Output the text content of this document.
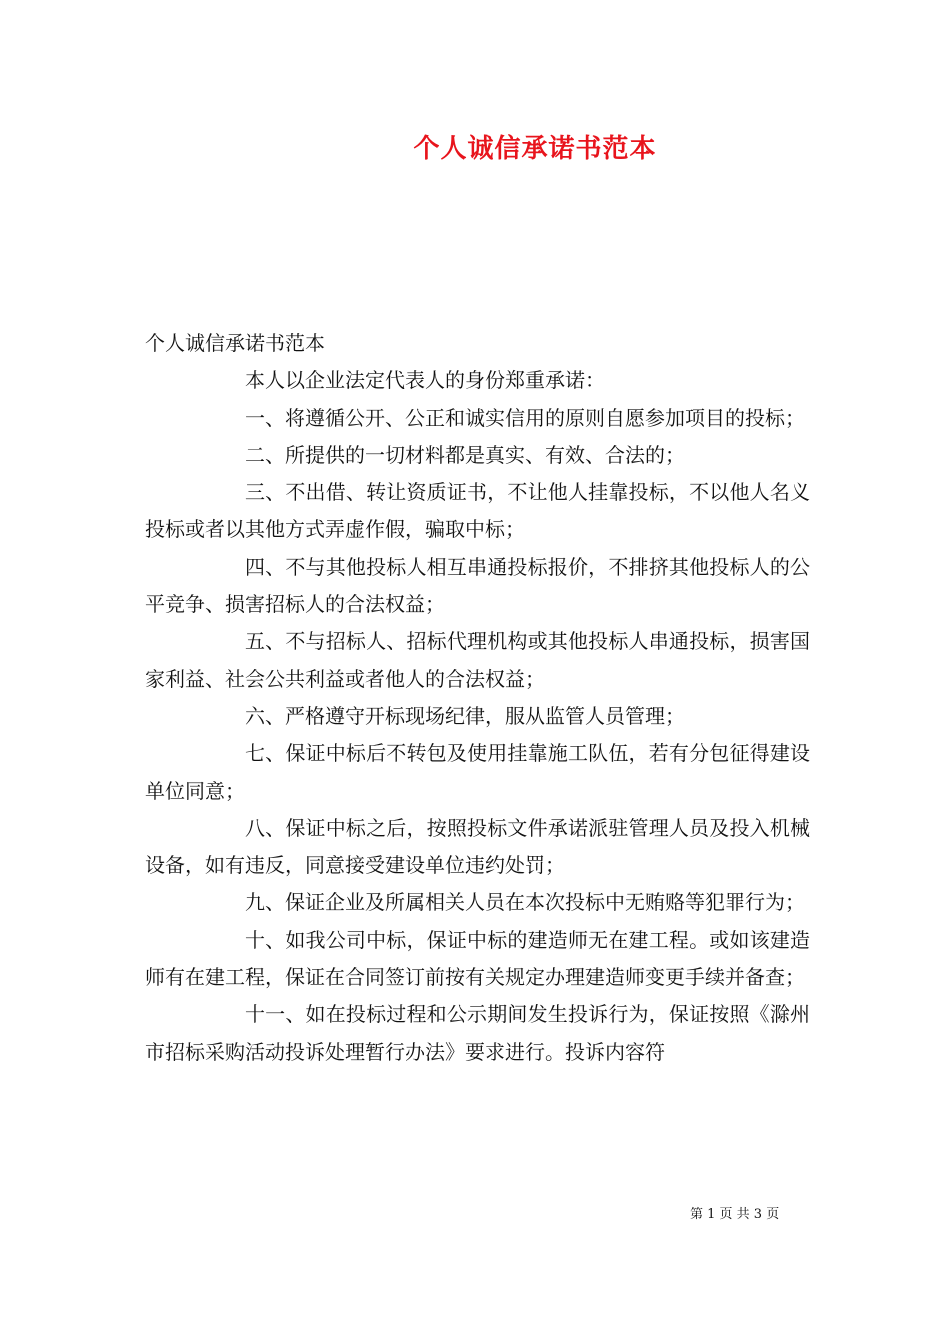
个人诚信承诺书范本

个人诚信承诺书范本

本人以企业法定代表人的身份郑重承诺：

一、将遵循公开、公正和诚实信用的原则自愿参加项目的投标；

二、所提供的一切材料都是真实、有效、合法的；

三、不出借、转让资质证书，不让他人挂靠投标，不以他人名义投标或者以其他方式弄虚作假，骗取中标；

四、不与其他投标人相互串通投标报价，不排挤其他投标人的公平竞争、损害招标人的合法权益；

五、不与招标人、招标代理机构或其他投标人串通投标，损害国家利益、社会公共利益或者他人的合法权益；

六、严格遵守开标现场纪律，服从监管人员管理；

七、保证中标后不转包及使用挂靠施工队伍，若有分包征得建设单位同意；

八、保证中标之后，按照投标文件承诺派驻管理人员及投入机械设备，如有违反，同意接受建设单位违约处罚；

九、保证企业及所属相关人员在本次投标中无贿赂等犯罪行为；

十、如我公司中标，保证中标的建造师无在建工程。或如该建造师有在建工程，保证在合同签订前按有关规定办理建造师变更手续并备查；

十一、如在投标过程和公示期间发生投诉行为，保证按照《滁州市招标采购活动投诉处理暂行办法》要求进行。投诉内容符

第 1 页 共 3 页
